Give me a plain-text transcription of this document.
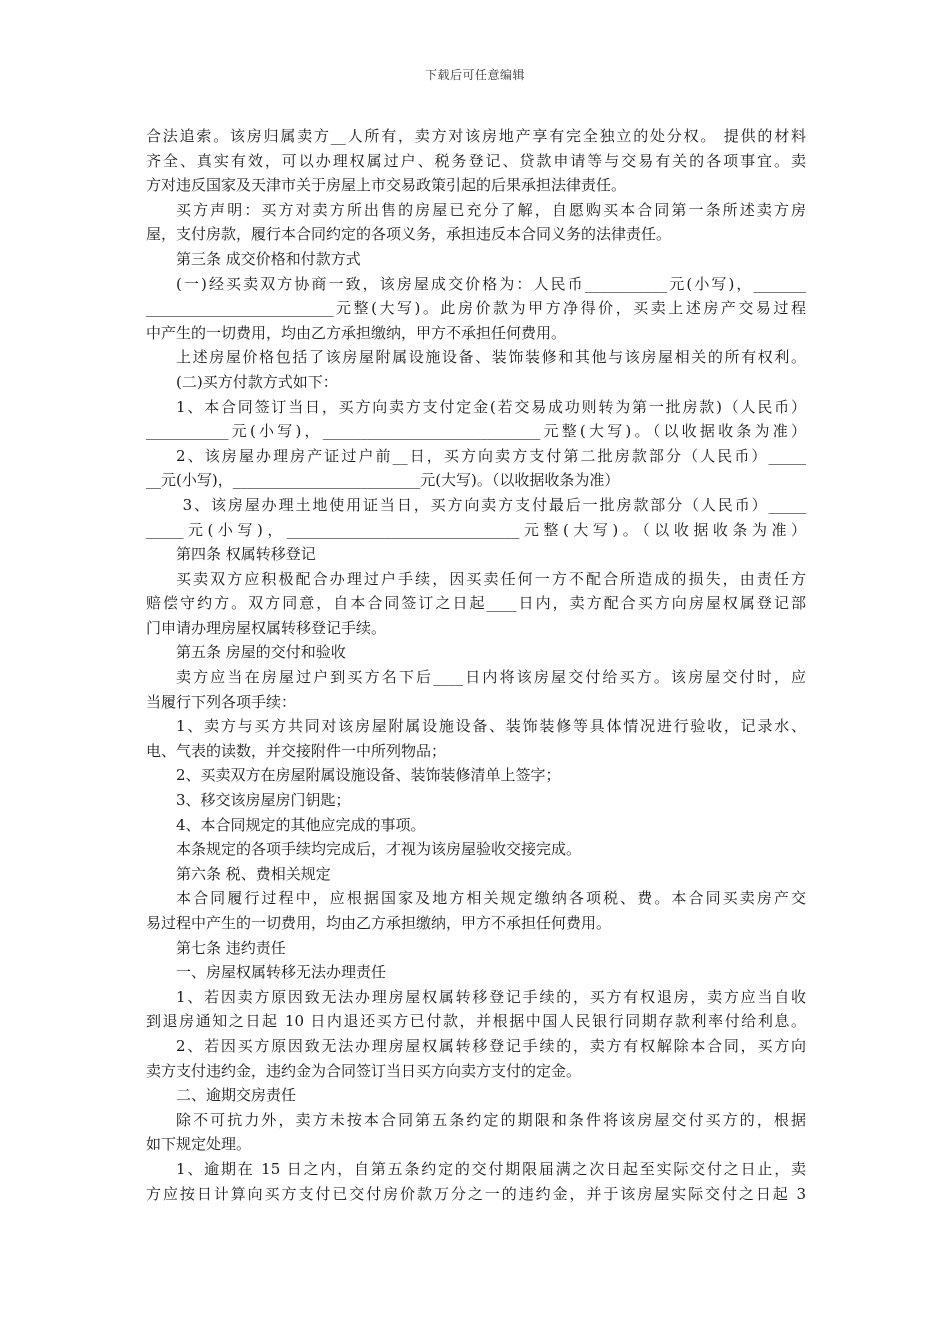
下载后可任意编辑
合法追索。该房归属卖方__人所有，卖方对该房地产享有完全独立的处分权。 提供的材料
齐全、真实有效，可以办理权属过户、税务登记、贷款申请等与交易有关的各项事宜。卖
方对违反国家及天津市关于房屋上市交易政策引起的后果承担法律责任。
买方声明：买方对卖方所出售的房屋已充分了解，自愿购买本合同第一条所述卖方房
屋，支付房款，履行本合同约定的各项义务，承担违反本合同义务的法律责任。
第三条 成交价格和付款方式
(一)经买卖双方协商一致，该房屋成交价格为：人民币___________元(小写)，_______
_________________________元整(大写)。此房价款为甲方净得价，买卖上述房产交易过程
中产生的一切费用，均由乙方承担缴纳，甲方不承担任何费用。
上述房屋价格包括了该房屋附属设施设备、装饰装修和其他与该房屋相关的所有权利。
(二)买方付款方式如下：
1、本合同签订当日，买方向卖方支付定金(若交易成功则转为第一批房款)（人民币）
___________元(小写)，_____________________________元整(大写)。（以收据收条为准）
2、该房屋办理房产证过户前__日，买方向卖方支付第二批房款部分（人民币）_____
__元(小写)，_________________________元(大写)。（以收据收条为准）
3、该房屋办理土地使用证当日，买方向卖方支付最后一批房款部分（人民币）_____
_____元(小写)，_______________________________元整(大写)。（以收据收条为准）
第四条 权属转移登记
买卖双方应积极配合办理过户手续，因买卖任何一方不配合所造成的损失，由责任方
赔偿守约方。双方同意，自本合同签订之日起____日内，卖方配合买方向房屋权属登记部
门申请办理房屋权属转移登记手续。
第五条 房屋的交付和验收
卖方应当在房屋过户到买方名下后____日内将该房屋交付给买方。该房屋交付时，应
当履行下列各项手续：
1、卖方与买方共同对该房屋附属设施设备、装饰装修等具体情况进行验收，记录水、
电、气表的读数，并交接附件一中所列物品；
2、买卖双方在房屋附属设施设备、装饰装修清单上签字；
3、移交该房屋房门钥匙；
4、本合同规定的其他应完成的事项。
本条规定的各项手续均完成后，才视为该房屋验收交接完成。
第六条 税、费相关规定
本合同履行过程中，应根据国家及地方相关规定缴纳各项税、费。本合同买卖房产交
易过程中产生的一切费用，均由乙方承担缴纳，甲方不承担任何费用。
第七条 违约责任
一、房屋权属转移无法办理责任
1、若因卖方原因致无法办理房屋权属转移登记手续的，买方有权退房，卖方应当自收
到退房通知之日起 10 日内退还买方已付款，并根据中国人民银行同期存款利率付给利息。
2、若因买方原因致无法办理房屋权属转移登记手续的，卖方有权解除本合同，买方向
卖方支付违约金，违约金为合同签订当日买方向卖方支付的定金。
二、逾期交房责任
除不可抗力外，卖方未按本合同第五条约定的期限和条件将该房屋交付买方的，根据
如下规定处理。
1、逾期在 15 日之内，自第五条约定的交付期限届满之次日起至实际交付之日止，卖
方应按日计算向买方支付已交付房价款万分之一的违约金，并于该房屋实际交付之日起 3
